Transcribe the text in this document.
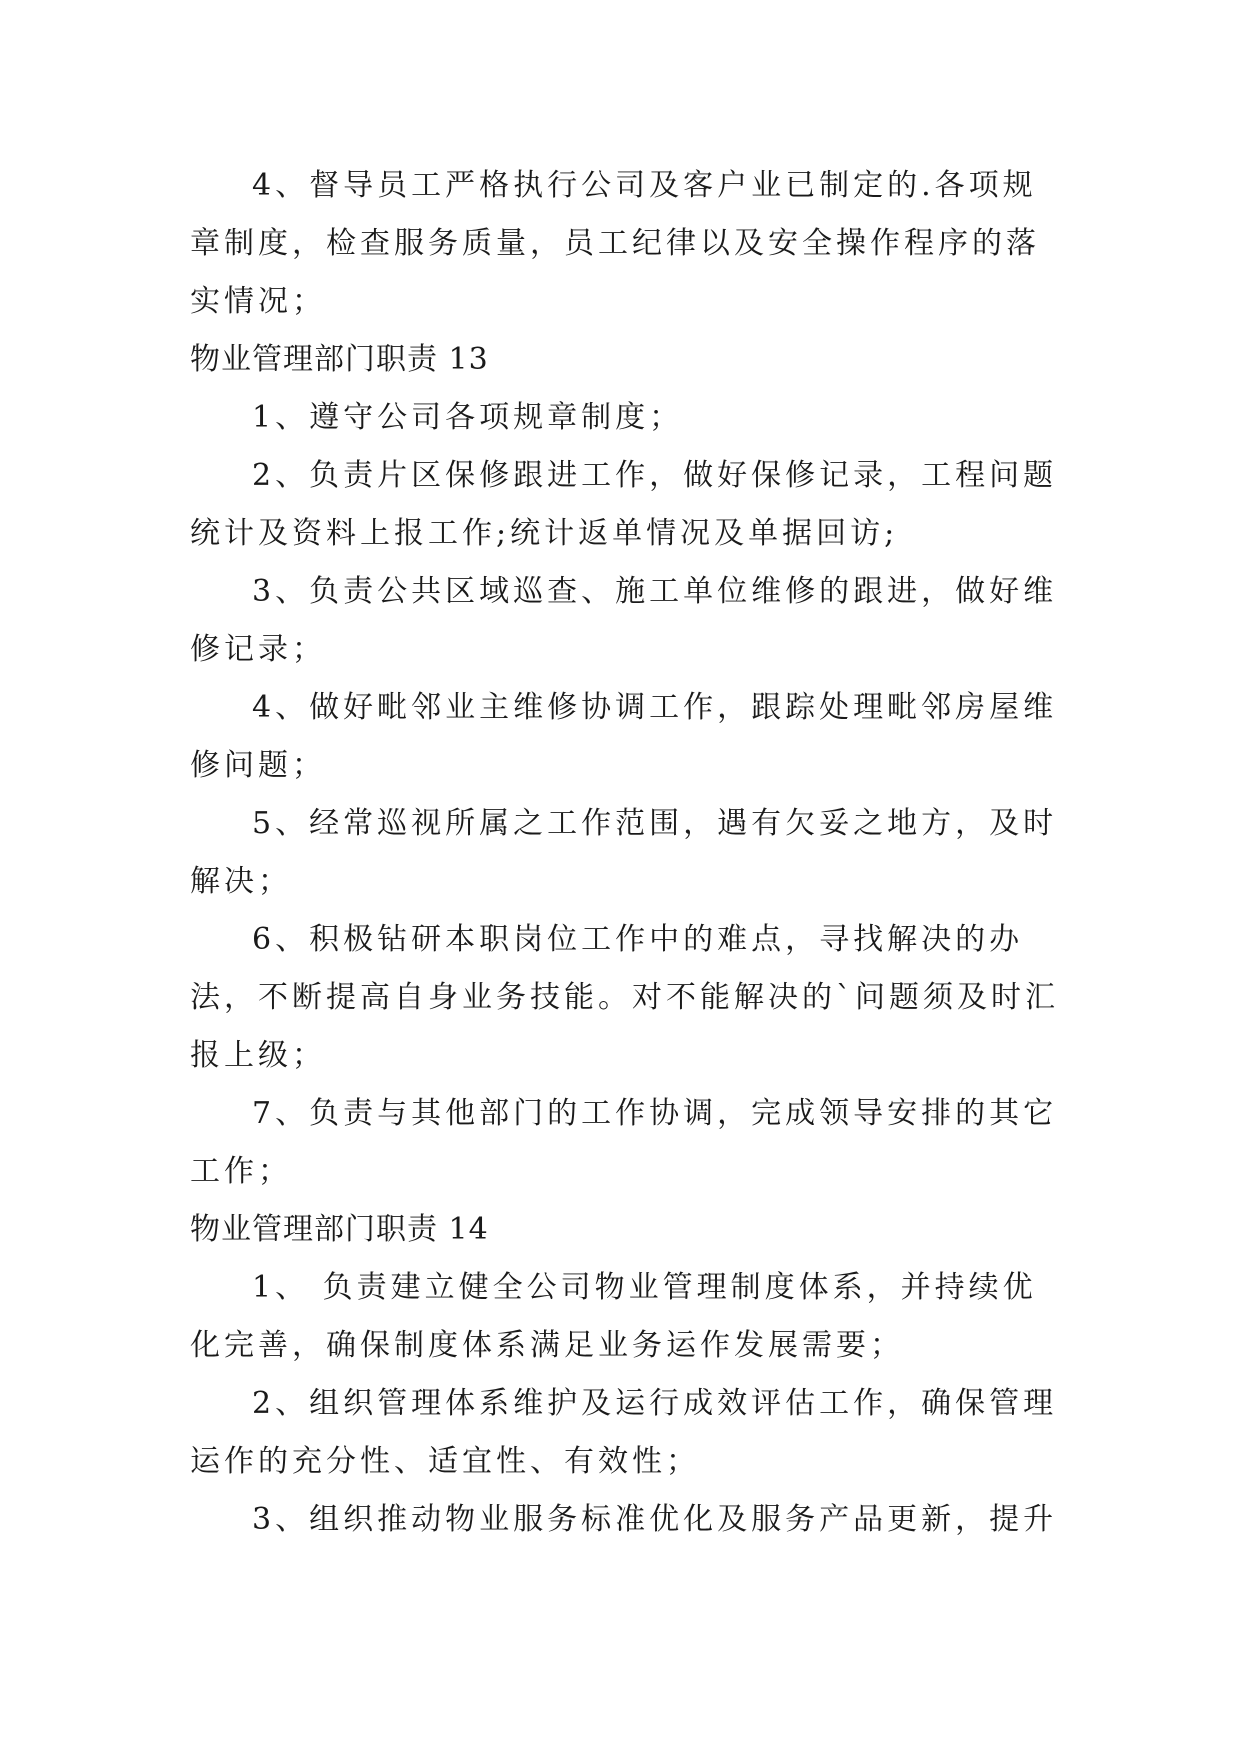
4、督导员工严格执行公司及客户业已制定的.各项规章制度，检查服务质量，员工纪律以及安全操作程序的落实情况；

物业管理部门职责 13

1、遵守公司各项规章制度；

2、负责片区保修跟进工作，做好保修记录，工程问题统计及资料上报工作;统计返单情况及单据回访;

3、负责公共区域巡查、施工单位维修的跟进，做好维修记录；

4、做好毗邻业主维修协调工作，跟踪处理毗邻房屋维修问题；

5、经常巡视所属之工作范围，遇有欠妥之地方，及时解决；

6、积极钻研本职岗位工作中的难点，寻找解决的办法，不断提高自身业务技能。对不能解决的`问题须及时汇报上级；

7、负责与其他部门的工作协调，完成领导安排的其它工作；

物业管理部门职责 14

1、 负责建立健全公司物业管理制度体系，并持续优化完善，确保制度体系满足业务运作发展需要；

2、组织管理体系维护及运行成效评估工作，确保管理运作的充分性、适宜性、有效性；

3、组织推动物业服务标准优化及服务产品更新，提升
